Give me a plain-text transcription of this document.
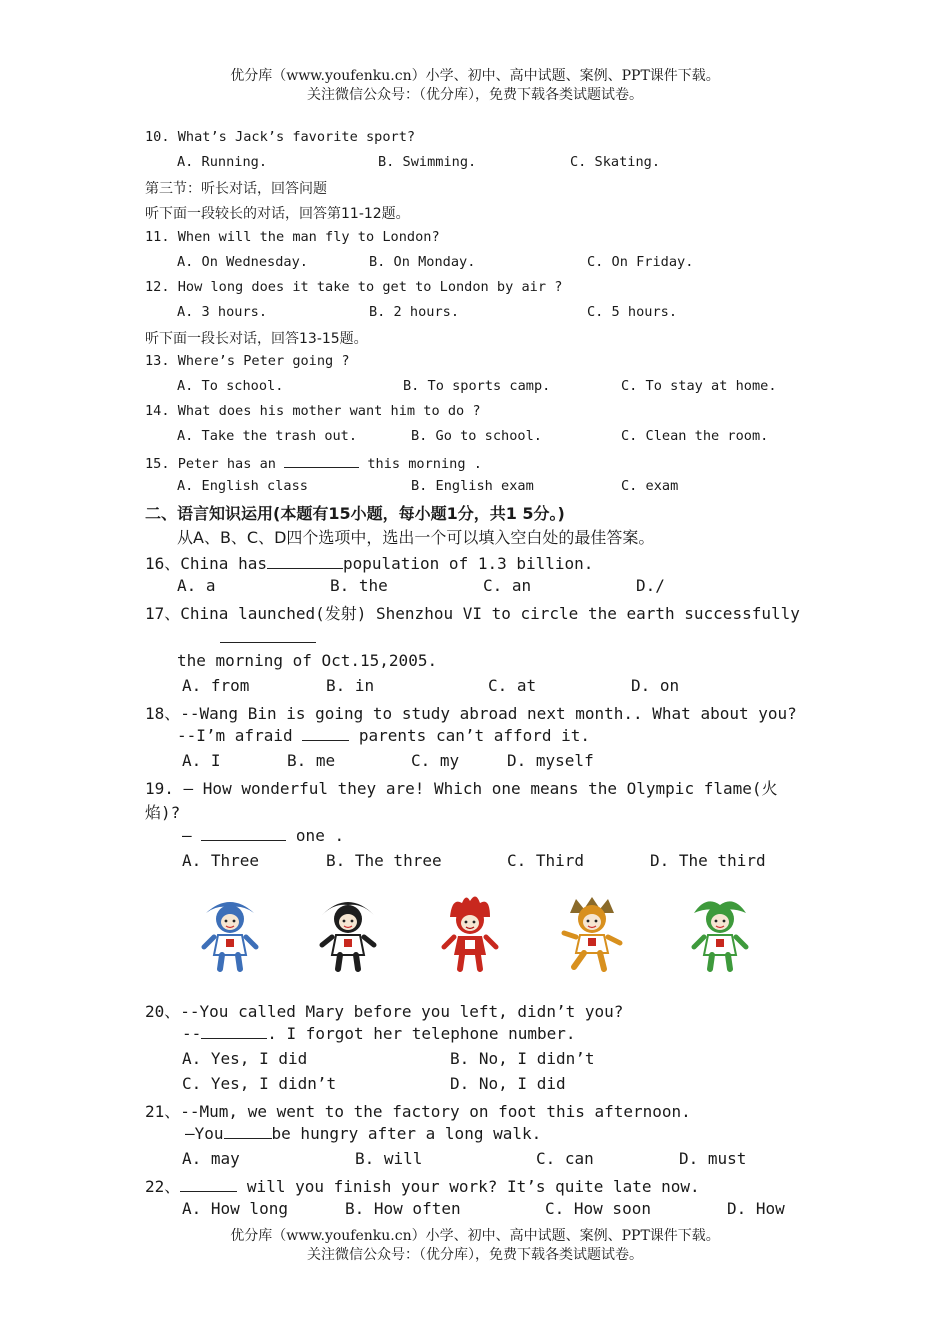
优分库（www.youfenku.cn）小学、初中、高中试题、案例、PPT课件下载。
关注微信公众号：（优分库），免费下载各类试题试卷。
10. What’s Jack’s favorite sport?
A. Running.	B. Swimming.	C. Skating.
第三节：听长对话，回答问题
听下面一段较长的对话，回答第11-12题。
11. When will the man fly to London?
A. On Wednesday.	B. On Monday.	C. On Friday.
12. How long does it take to get to London by air ?
A. 3 hours.	B. 2 hours.	C. 5 hours.
听下面一段长对话，回答13-15题。
13. Where’s Peter going ?
A. To school.	B. To sports camp.	C. To stay at home.
14. What does his mother want him to do ?
A. Take the trash out.	B. Go to school.	C. Clean the room.
15. Peter has an	this morning .
A. English class	B. English exam	C. exam
二、语言知识运用(本题有15小题，每小题1分，共1 5分。)
从A、B、C、D四个选项中，选出一个可以填入空白处的最佳答案。
16、China has	population of 1.3 billion.
A. a	B. the	C. an	D./
17、China launched(发射) Shenzhou VI to circle the earth successfully
the morning of Oct.15,2005.
A. from	B. in	C. at	D. on
18、--Wang Bin is going to study abroad next month.. What about you?
--I’m afraid	parents can’t afford it.
A. I	B. me	C. my	D. myself
19. — How wonderful they are! Which one means the Olympic flame(火
焰)?
—	one .
A. Three	B. The three	C. Third	D. The third
20、--You called Mary before you left, didn’t you?
--	. I forgot her telephone number.
A. Yes, I did	B. No, I didn’t
C. Yes, I didn’t	D. No, I did
21、--Mum, we went to the factory on foot this afternoon.
–You	be hungry after a long walk.
A. may	B. will	C. can	D. must
22、	will you finish your work? It’s quite late now.
A. How long	B. How often	C. How soon	D. How
优分库（www.youfenku.cn）小学、初中、高中试题、案例、PPT课件下载。
关注微信公众号：（优分库），免费下载各类试题试卷。
